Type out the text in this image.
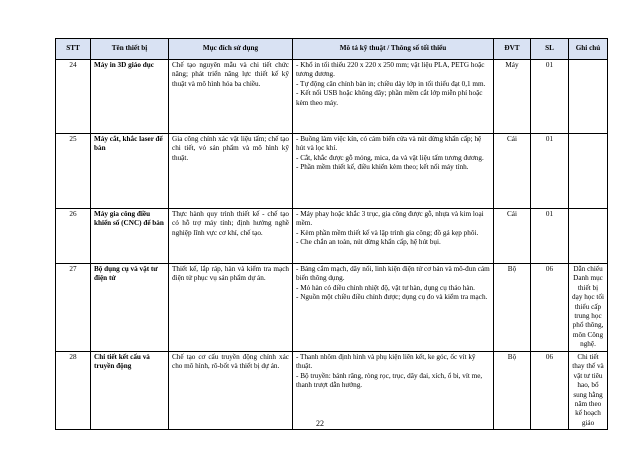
STT	Tên thiết bị	Mục đích sử dụng	Mô tả kỹ thuật / Thông số tối thiểu	ĐVT	SL	Ghi chú
24	Máy in 3D giáo dục	Chế tạo nguyên mẫu và chi tiết chức năng; phát triển năng lực thiết kế kỹ thuật và mô hình hóa ba chiều.	- Khổ in tối thiểu 220 x 220 x 250 mm; vật liệu PLA, PETG hoặc tương đương.
- Tự động cân chỉnh bàn in; chiều dày lớp in tối thiểu đạt 0,1 mm.
- Kết nối USB hoặc không dây; phần mềm cắt lớp miễn phí hoặc kèm theo máy.	Máy	01	
25	Máy cắt, khắc laser để bàn	Gia công chính xác vật liệu tấm; chế tạo chi tiết, vỏ sản phẩm và mô hình kỹ thuật.	- Buồng làm việc kín, có cảm biến cửa và nút dừng khẩn cấp; hệ hút và lọc khí.
- Cắt, khắc được gỗ mỏng, mica, da và vật liệu tấm tương đương.
- Phần mềm thiết kế, điều khiển kèm theo; kết nối máy tính.	Cái	01	
26	Máy gia công điều khiển số (CNC) để bàn	Thực hành quy trình thiết kế - chế tạo có hỗ trợ máy tính; định hướng nghề nghiệp lĩnh vực cơ khí, chế tạo.	- Máy phay hoặc khắc 3 trục, gia công được gỗ, nhựa và kim loại mềm.
- Kèm phần mềm thiết kế và lập trình gia công; đồ gá kẹp phôi.
- Che chắn an toàn, nút dừng khẩn cấp, hệ hút bụi.	Cái	01	
27	Bộ dụng cụ và vật tư điện tử	Thiết kế, lắp ráp, hàn và kiểm tra mạch điện tử phục vụ sản phẩm dự án.	- Bảng cắm mạch, dây nối, linh kiện điện tử cơ bản và mô-đun cảm biến thông dụng.
- Mỏ hàn có điều chỉnh nhiệt độ, vật tư hàn, dụng cụ tháo hàn.
- Nguồn một chiều điều chỉnh được; dụng cụ đo và kiểm tra mạch.	Bộ	06	Dẫn chiếu Danh mục thiết bị dạy học tối thiểu cấp trung học phổ thông, môn Công nghệ.
28	Chi tiết kết cấu và truyền động	Chế tạo cơ cấu truyền động chính xác cho mô hình, rô-bốt và thiết bị dự án.	- Thanh nhôm định hình và phụ kiện liên kết, ke góc, ốc vít kỹ thuật.
- Bộ truyền: bánh răng, ròng rọc, trục, dây đai, xích, ổ bi, vít me, thanh trượt dẫn hướng.	Bộ	06	Chi tiết thay thế và vật tư tiêu hao, bổ sung hằng năm theo kế hoạch giáo
22
